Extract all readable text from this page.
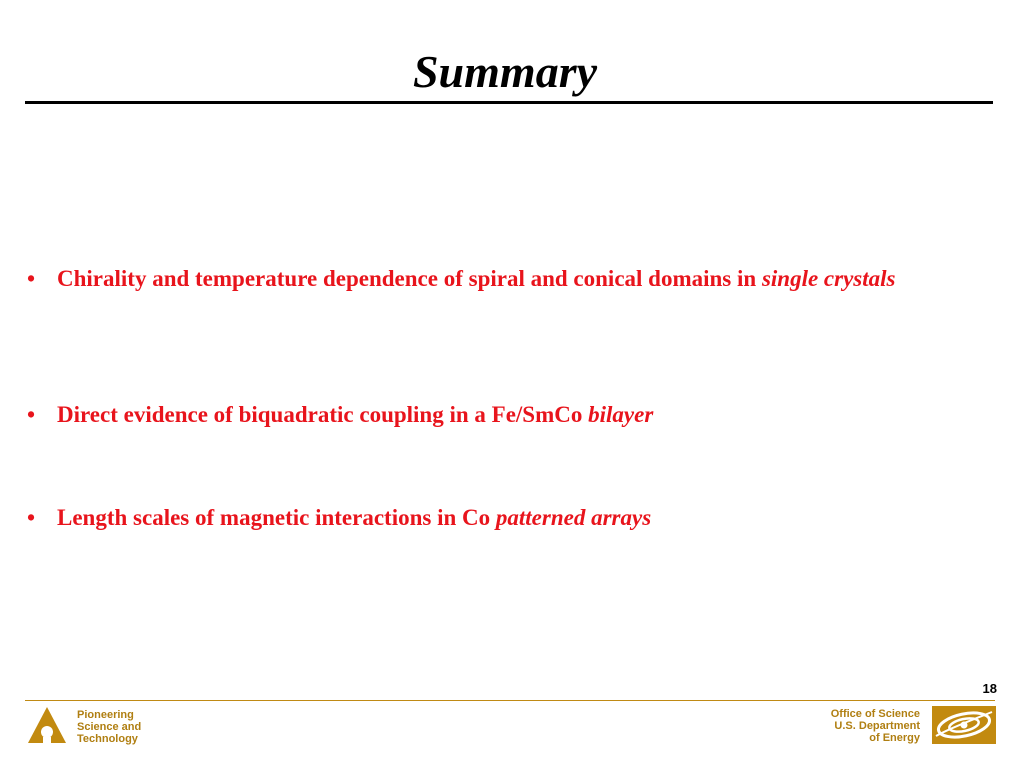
Summary
• Chirality and temperature dependence of spiral and conical domains in single crystals
• Direct evidence of biquadratic coupling in a Fe/SmCo bilayer
• Length scales of magnetic interactions in Co patterned arrays
18
Pioneering
Science and
Technology
Office of Science
U.S. Department
of Energy
